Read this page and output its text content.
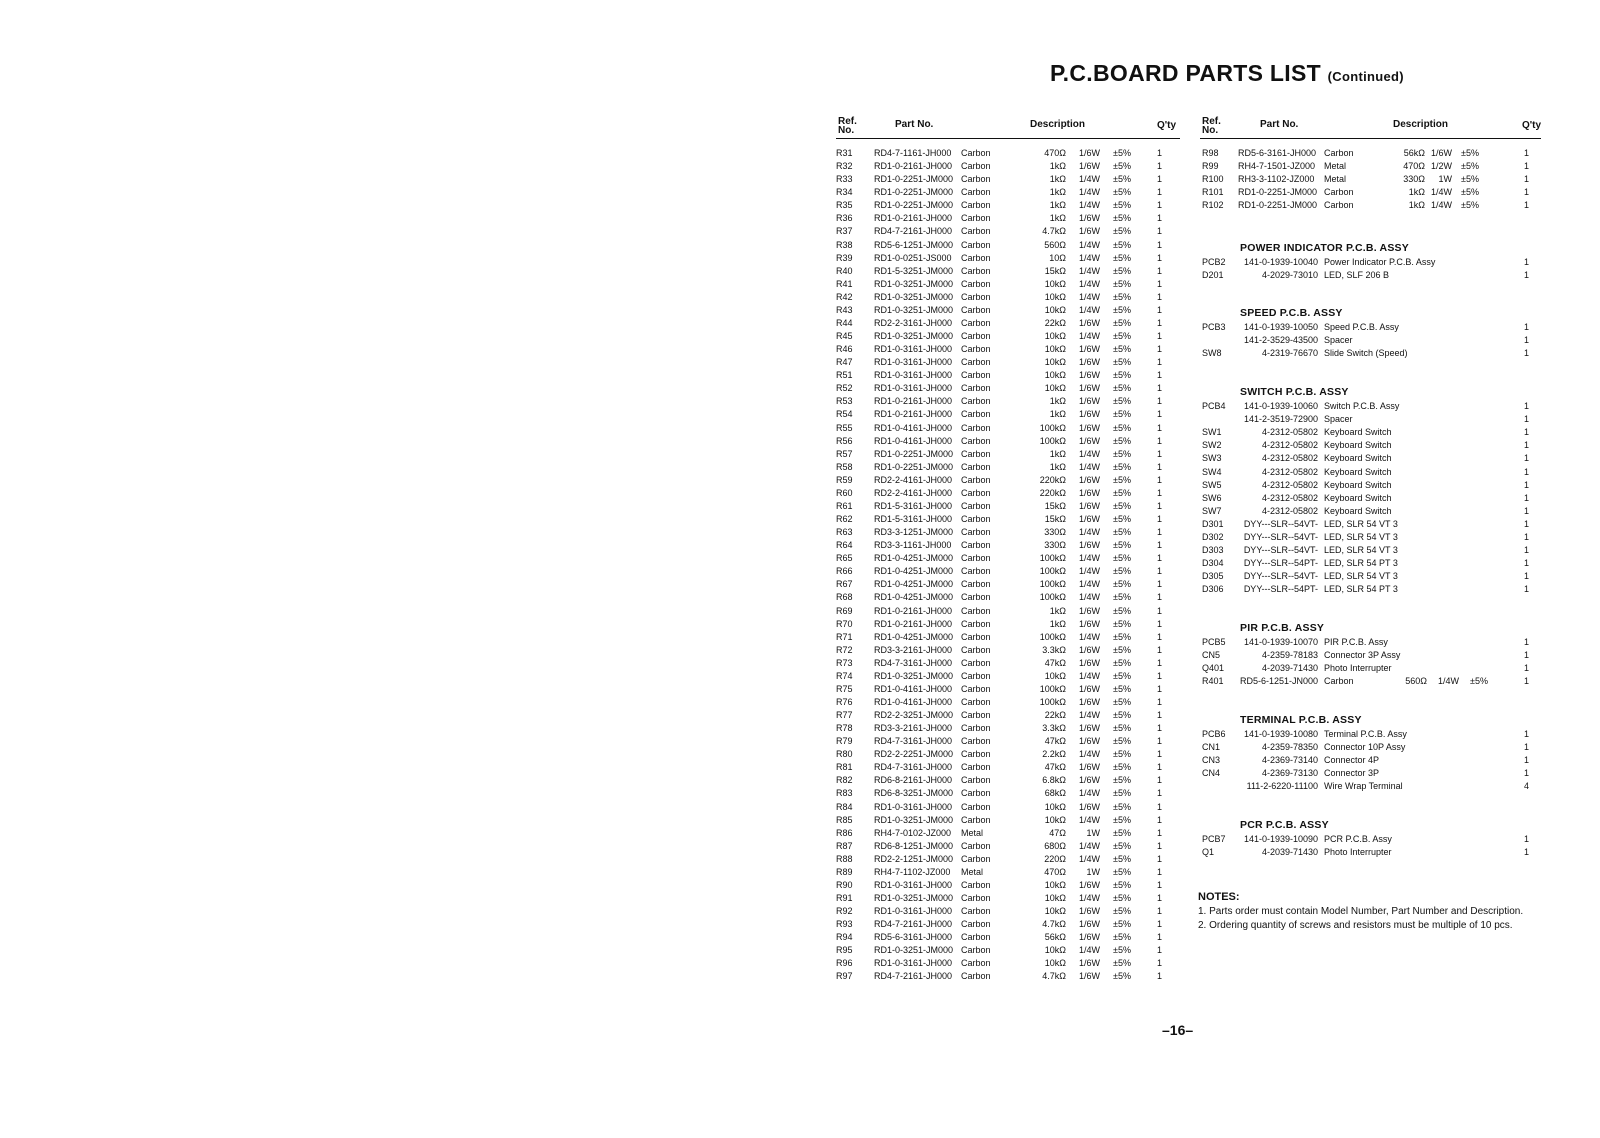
P.C.BOARD PARTS LIST (Continued)
Ref.
No.
Part No.	Description	Q'ty	Ref.
No.
Part No.	Description	Q'ty
R31 RD4-7-1161-JH000 Carbon	470Ω	1/6W ±5%	1
R32 RD1-0-2161-JH000 Carbon	1kΩ	1/6W ±5%	1
R33 RD1-0-2251-JM000 Carbon	1kΩ	1/4W ±5%	1
R34 RD1-0-2251-JM000 Carbon	1kΩ	1/4W ±5%	1
R35 RD1-0-2251-JM000 Carbon	1kΩ	1/4W ±5%	1
R36 RD1-0-2161-JH000 Carbon	1kΩ	1/6W ±5%	1
R37 RD4-7-2161-JH000 Carbon	4.7kΩ	1/6W ±5%	1
R38 RD5-6-1251-JM000 Carbon	560Ω	1/4W ±5%	1
R39 RD1-0-0251-JS000 Carbon	10Ω	1/4W ±5%	1
R40 RD1-5-3251-JM000 Carbon	15kΩ	1/4W ±5%	1
R41 RD1-0-3251-JM000 Carbon	10kΩ	1/4W ±5%	1
R42 RD1-0-3251-JM000 Carbon	10kΩ	1/4W ±5%	1
R43 RD1-0-3251-JM000 Carbon	10kΩ	1/4W ±5%	1
R44 RD2-2-3161-JH000 Carbon	22kΩ	1/6W ±5%	1
R45 RD1-0-3251-JM000 Carbon	10kΩ	1/4W ±5%	1
R46 RD1-0-3161-JH000 Carbon	10kΩ	1/6W ±5%	1
R47 RD1-0-3161-JH000 Carbon	10kΩ	1/6W ±5%	1
R51 RD1-0-3161-JH000 Carbon	10kΩ	1/6W ±5%	1
R52 RD1-0-3161-JH000 Carbon	10kΩ	1/6W ±5%	1
R53 RD1-0-2161-JH000 Carbon	1kΩ	1/6W ±5%	1
R54 RD1-0-2161-JH000 Carbon	1kΩ	1/6W ±5%	1
R55 RD1-0-4161-JH000 Carbon	100kΩ	1/6W ±5%	1
R56 RD1-0-4161-JH000 Carbon	100kΩ	1/6W ±5%	1
R57 RD1-0-2251-JM000 Carbon	1kΩ	1/4W ±5%	1
R58 RD1-0-2251-JM000 Carbon	1kΩ	1/4W ±5%	1
R59 RD2-2-4161-JH000 Carbon	220kΩ	1/6W ±5%	1
R60 RD2-2-4161-JH000 Carbon	220kΩ	1/6W ±5%	1
R61 RD1-5-3161-JH000 Carbon	15kΩ	1/6W ±5%	1
R62 RD1-5-3161-JH000 Carbon	15kΩ	1/6W ±5%	1
R63 RD3-3-1251-JM000 Carbon	330Ω	1/4W ±5%	1
R64 RD3-3-1161-JH000 Carbon	330Ω	1/6W ±5%	1
R65 RD1-0-4251-JM000 Carbon	100kΩ	1/4W ±5%	1
R66 RD1-0-4251-JM000 Carbon	100kΩ	1/4W ±5%	1
R67 RD1-0-4251-JM000 Carbon	100kΩ	1/4W ±5%	1
R68 RD1-0-4251-JM000 Carbon	100kΩ	1/4W ±5%	1
R69 RD1-0-2161-JH000 Carbon	1kΩ	1/6W ±5%	1
R70 RD1-0-2161-JH000 Carbon	1kΩ	1/6W ±5%	1
R71 RD1-0-4251-JM000 Carbon	100kΩ	1/4W ±5%	1
R72 RD3-3-2161-JH000 Carbon	3.3kΩ	1/6W ±5%	1
R73 RD4-7-3161-JH000 Carbon	47kΩ	1/6W ±5%	1
R74 RD1-0-3251-JM000 Carbon	10kΩ	1/4W ±5%	1
R75 RD1-0-4161-JH000 Carbon	100kΩ	1/6W ±5%	1
R76 RD1-0-4161-JH000 Carbon	100kΩ	1/6W ±5%	1
R77 RD2-2-3251-JM000 Carbon	22kΩ	1/4W ±5%	1
R78 RD3-3-2161-JH000 Carbon	3.3kΩ	1/6W ±5%	1
R79 RD4-7-3161-JH000 Carbon	47kΩ	1/6W ±5%	1
R80 RD2-2-2251-JM000 Carbon	2.2kΩ	1/4W ±5%	1
R81 RD4-7-3161-JH000 Carbon	47kΩ	1/6W ±5%	1
R82 RD6-8-2161-JH000 Carbon	6.8kΩ	1/6W ±5%	1
R83 RD6-8-3251-JM000 Carbon	68kΩ	1/4W ±5%	1
R84 RD1-0-3161-JH000 Carbon	10kΩ	1/6W ±5%	1
R85 RD1-0-3251-JM000 Carbon	10kΩ	1/4W ±5%	1
R86 RH4-7-0102-JZ000 Metal	47Ω	1W ±5%	1
R87 RD6-8-1251-JM000 Carbon	680Ω	1/4W ±5%	1
R88 RD2-2-1251-JM000 Carbon	220Ω	1/4W ±5%	1
R89 RH4-7-1102-JZ000 Metal	470Ω	1W ±5%	1
R90 RD1-0-3161-JH000 Carbon	10kΩ	1/6W ±5%	1
R91 RD1-0-3251-JM000 Carbon	10kΩ	1/4W ±5%	1
R92 RD1-0-3161-JH000 Carbon	10kΩ	1/6W ±5%	1
R93 RD4-7-2161-JH000 Carbon	4.7kΩ	1/6W ±5%	1
R94 RD5-6-3161-JH000 Carbon	56kΩ	1/6W ±5%	1
R95 RD1-0-3251-JM000 Carbon	10kΩ	1/4W ±5%	1
R96 RD1-0-3161-JH000 Carbon	10kΩ	1/6W ±5%	1
R97 RD4-7-2161-JH000 Carbon	4.7kΩ	1/6W ±5%	1
R98 RD5-6-3161-JH000 Carbon	56kΩ 1/6W ±5%	1
R99 RH4-7-1501-JZ000 Metal	470Ω 1/2W ±5%	1
R100 RH3-3-1102-JZ000 Metal	330Ω	1W ±5%	1
R101 RD1-0-2251-JM000 Carbon	1kΩ 1/4W ±5%	1
R102 RD1-0-2251-JM000 Carbon	1kΩ 1/4W ±5%	1
POWER INDICATOR P.C.B. ASSY
PCB2	141-0-1939-10040 Power Indicator P.C.B. Assy	1
D201	4-2029-73010 LED, SLF 206 B	1
SPEED P.C.B. ASSY
PCB3	141-0-1939-10050 Speed P.C.B. Assy	1
141-2-3529-43500 Spacer	1
SW8	4-2319-76670 Slide Switch (Speed)	1
SWITCH P.C.B. ASSY
PCB4	141-0-1939-10060 Switch P.C.B. Assy	1
141-2-3519-72900 Spacer	1
SW1	4-2312-05802 Keyboard Switch	1
SW2	4-2312-05802 Keyboard Switch	1
SW3	4-2312-05802 Keyboard Switch	1
SW4	4-2312-05802 Keyboard Switch	1
SW5	4-2312-05802 Keyboard Switch	1
SW6	4-2312-05802 Keyboard Switch	1
SW7	4-2312-05802 Keyboard Switch	1
D301	DYY---SLR--54VT- LED, SLR 54 VT 3	1
D302	DYY---SLR--54VT- LED, SLR 54 VT 3	1
D303	DYY---SLR--54VT- LED, SLR 54 VT 3	1
D304	DYY---SLR--54PT- LED, SLR 54 PT 3	1
D305	DYY---SLR--54VT- LED, SLR 54 VT 3	1
D306	DYY---SLR--54PT- LED, SLR 54 PT 3	1
PIR P.C.B. ASSY
PCB5	141-0-1939-10070 PIR P.C.B. Assy	1
CN5	4-2359-78183 Connector 3P Assy	1
Q401	4-2039-71430 Photo Interrupter	1
R401 RD5-6-1251-JN000 Carbon	560Ω 1/4W ±5%	1
TERMINAL P.C.B. ASSY
PCB6	141-0-1939-10080 Terminal P.C.B. Assy	1
CN1	4-2359-78350 Connector 10P Assy	1
CN3	4-2369-73140 Connector 4P	1
CN4	4-2369-73130 Connector 3P	1
111-2-6220-11100 Wire Wrap Terminal	4
PCR P.C.B. ASSY
PCB7	141-0-1939-10090 PCR P.C.B. Assy	1
Q1	4-2039-71430 Photo Interrupter	1
NOTES:
1. Parts order must contain Model Number, Part Number and Description.
2. Ordering quantity of screws and resistors must be multiple of 10 pcs.
–16–
